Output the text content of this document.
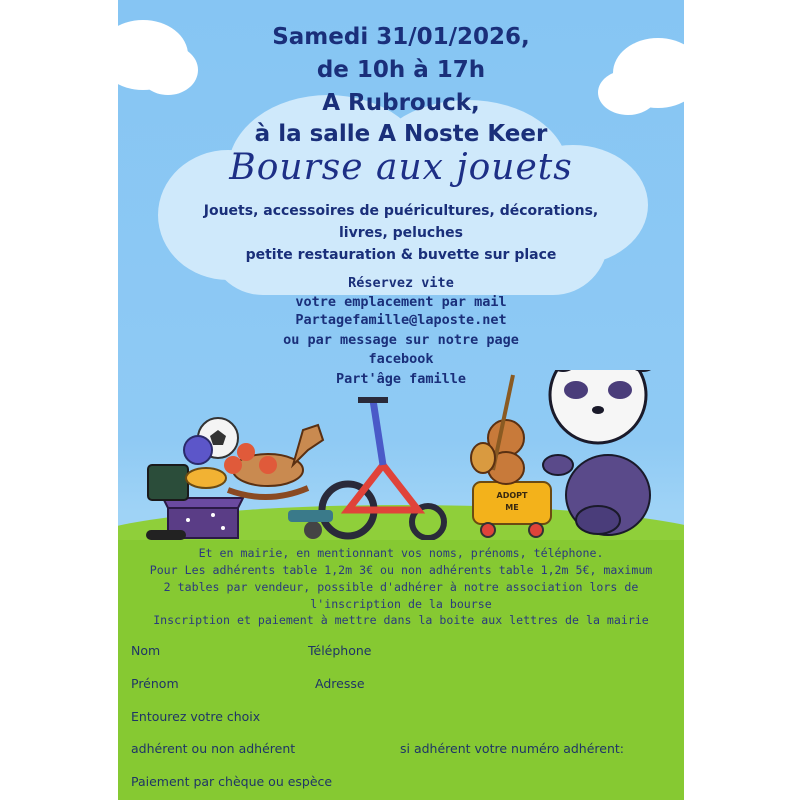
Samedi 31/01/2026,
de 10h à 17h
A Rubrouck,
à la salle A Noste Keer
Bourse aux jouets
Jouets, accessoires de puéricultures, décorations,
livres, peluches
petite restauration & buvette sur place
Réservez vite
votre emplacement par mail
Partagefamille@laposte.net
ou par message sur notre page
facebook
Part'âge famille
ADOPT
ME
Et en mairie, en mentionnant vos noms, prénoms, téléphone.
Pour Les adhérents table 1,2m 3€ ou non adhérents table 1,2m 5€, maximum
2 tables par vendeur, possible d'adhérer à notre association lors de
l'inscription de la bourse
Inscription et paiement à mettre dans la boite aux lettres de la mairie
Nom	Téléphone
Prénom	Adresse
Entourez votre choix
adhérent ou non adhérent	si adhérent votre numéro adhérent:
Paiement par chèque ou espèce
